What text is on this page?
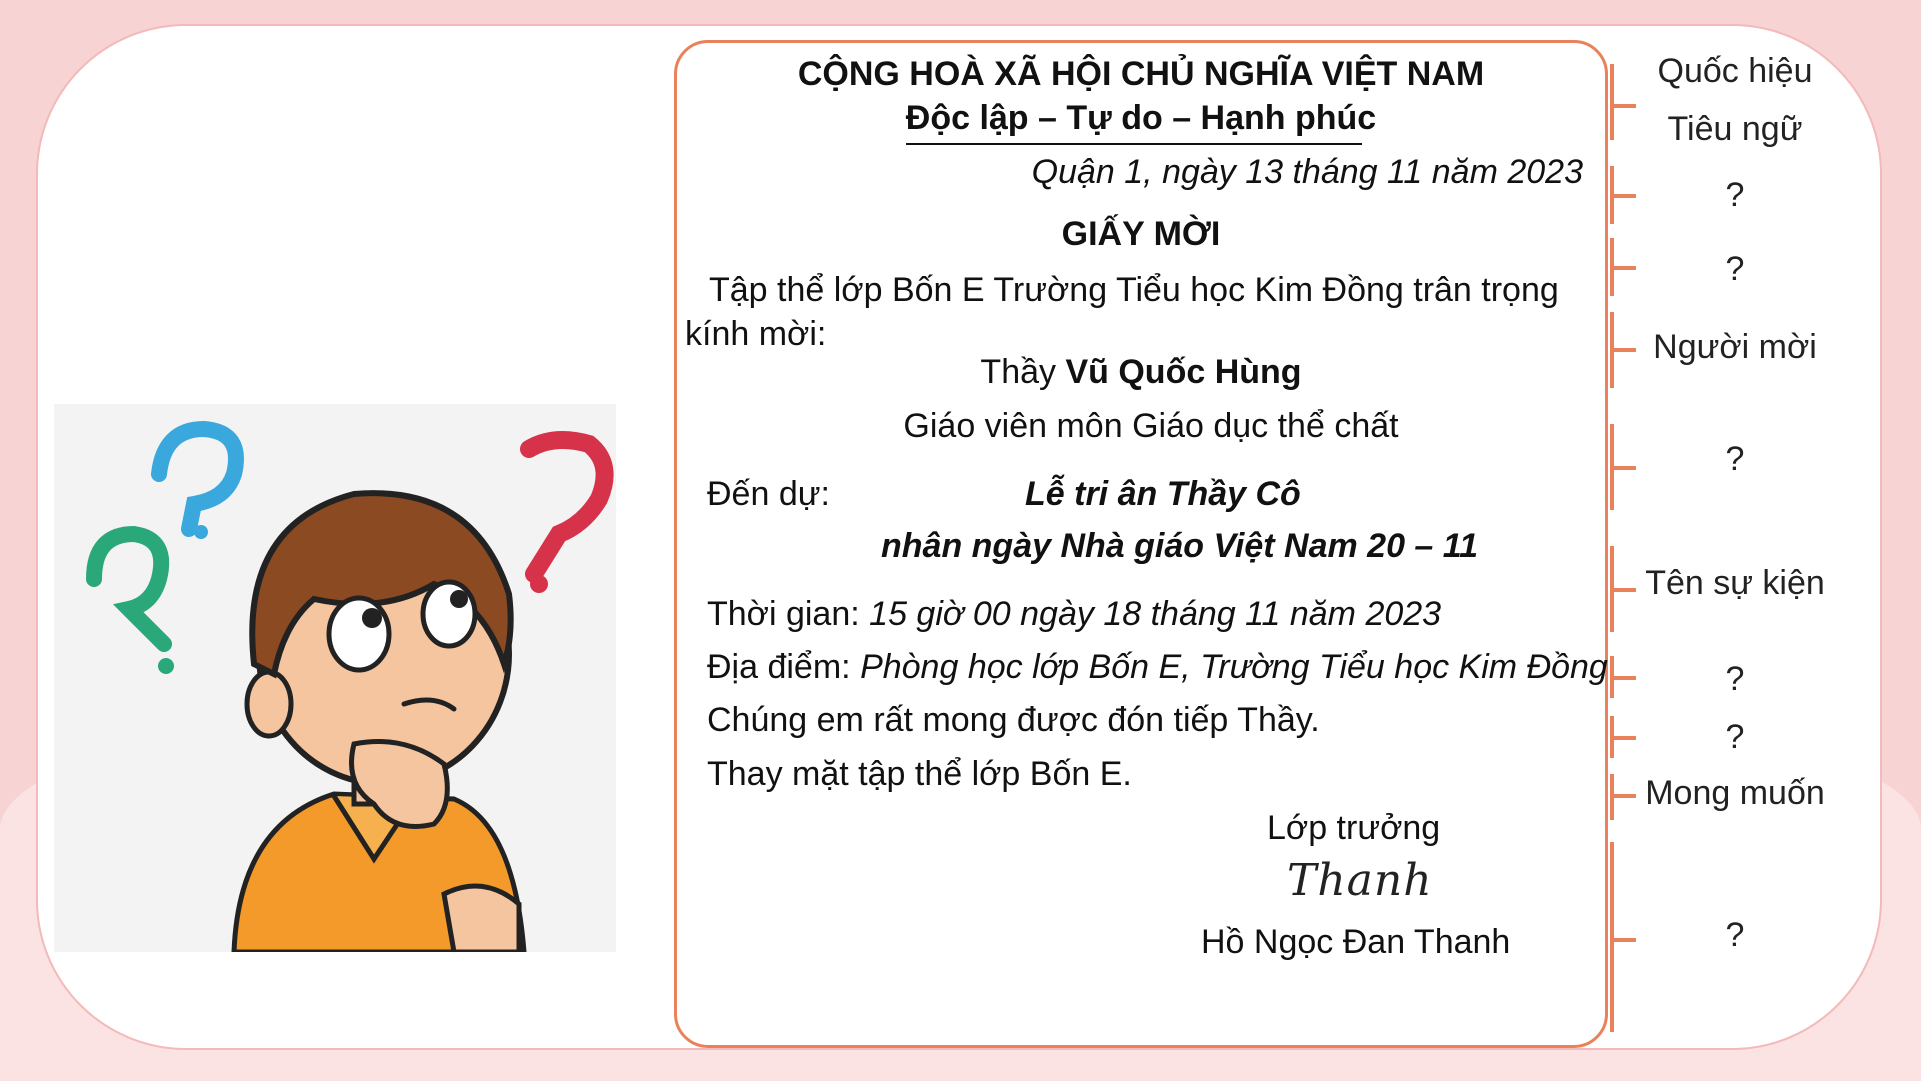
CỘNG HOÀ XÃ HỘI CHỦ NGHĨA VIỆT NAM
Độc lập – Tự do – Hạnh phúc
Quận 1, ngày 13 tháng 11 năm 2023
GIẤY MỜI
Tập thể lớp Bốn E Trường Tiểu học Kim Đồng trân trọng
kính mời:
Thầy Vũ Quốc Hùng
Giáo viên môn Giáo dục thể chất
Đến dự:	Lễ tri ân Thầy Cô
nhân ngày Nhà giáo Việt Nam 20 – 11
Thời gian: 15 giờ 00 ngày 18 tháng 11 năm 2023
Địa điểm: Phòng học lớp Bốn E, Trường Tiểu học Kim Đồng
Chúng em rất mong được đón tiếp Thầy.
Thay mặt tập thể lớp Bốn E.
Lớp trưởng
Thanh
Hồ Ngọc Đan Thanh
Quốc hiệu
Tiêu ngữ
?
?
Người mời
?
Tên sự kiện
?
?
Mong muốn
?
